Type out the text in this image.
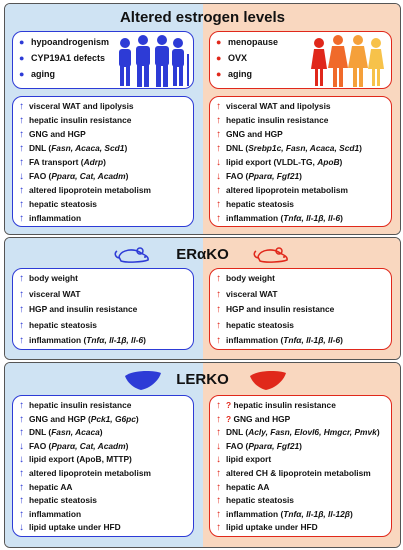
Altered estrogen levels
● hypoandrogenism
● CYP19A1 defects
● aging
● menopause
● OVX
● aging
↑ visceral WAT and lipolysis
↑ hepatic insulin resistance
↑ GNG and HGP
↑ DNL (Fasn, Acaca, Scd1)
↑ FA transport (Adrp)
↓ FAO (Pparα, Cat, Acadm)
↑ altered lipoprotein metabolism
↑ hepatic steatosis
↑ inflammation
↑ visceral WAT and lipolysis
↑ hepatic insulin resistance
↑ GNG and HGP
↑ DNL (Srebp1c, Fasn, Acaca, Scd1)
↓ lipid export (VLDL-TG, ApoB)
↓ FAO (Pparα, Fgf21)
↑ altered lipoprotein metabolism
↑ hepatic steatosis
↑ inflammation (Tnfα, Il-1β, Il-6)
ERαKO
↑ body weight
↑ visceral WAT
↑ HGP and insulin resistance
↑ hepatic steatosis
↑ inflammation (Tnfα, Il-1β, Il-6)
↑ body weight
↑ visceral WAT
↑ HGP and insulin resistance
↑ hepatic steatosis
↑ inflammation (Tnfα, Il-1β, Il-6)
LERKO
↑ hepatic insulin resistance
↑ GNG and HGP (Pck1, G6pc)
↑ DNL (Fasn, Acaca)
↓ FAO (Pparα, Cat, Acadm)
↓ lipid export (ApoB, MTTP)
↑ altered lipoprotein metabolism
↑ hepatic AA
↑ hepatic steatosis
↑ inflammation
↓ lipid uptake under HFD
↑ ? hepatic insulin resistance
↑ ? GNG and HGP
↑ DNL (Acly, Fasn, Elovl6, Hmgcr, Pmvk)
↓ FAO (Pparα, Fgf21)
↓ lipid export
↑ altered CH & lipoprotein metabolism
↑ hepatic AA
↑ hepatic steatosis
↑ inflammation (Tnfα, Il-1β, Il-12β)
↑ lipid uptake under HFD
